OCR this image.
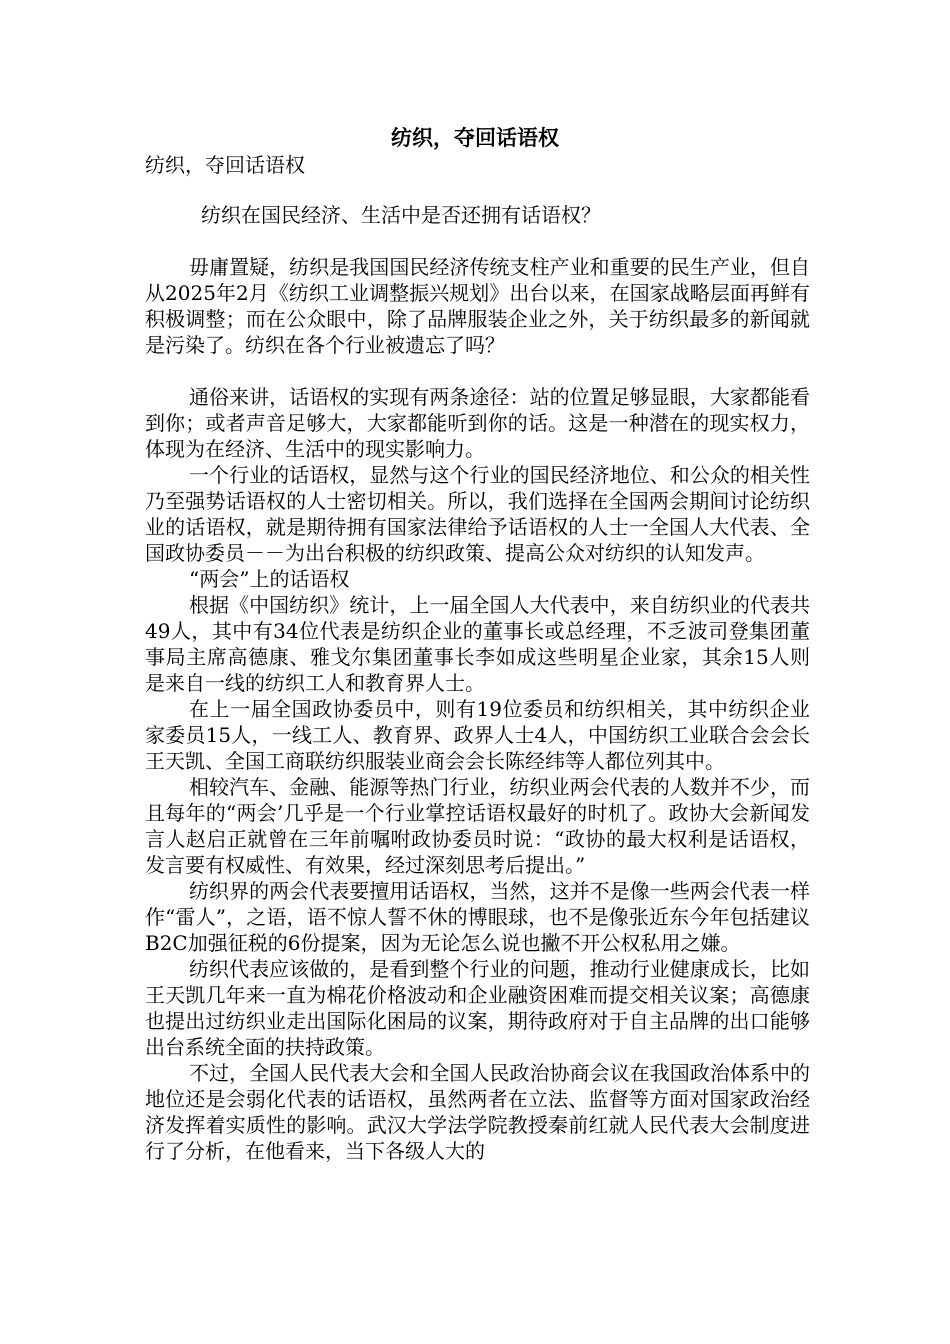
纺织，夺回话语权

纺织，夺回话语权

纺织在国民经济、生活中是否还拥有话语权？

毋庸置疑，纺织是我国国民经济传统支柱产业和重要的民生产业，但自从2025年2月《纺织工业调整振兴规划》出台以来，在国家战略层面再鲜有积极调整；而在公众眼中，除了品牌服装企业之外，关于纺织最多的新闻就是污染了。纺织在各个行业被遗忘了吗？

通俗来讲，话语权的实现有两条途径：站的位置足够显眼，大家都能看到你；或者声音足够大，大家都能听到你的话。这是一种潜在的现实权力，体现为在经济、生活中的现实影响力。

一个行业的话语权，显然与这个行业的国民经济地位、和公众的相关性乃至强势话语权的人士密切相关。所以，我们选择在全国两会期间讨论纺织业的话语权，就是期待拥有国家法律给予话语权的人士一全国人大代表、全国政协委员－－为出台积极的纺织政策、提高公众对纺织的认知发声。

“两会”上的话语权

根据《中国纺织》统计，上一届全国人大代表中，来自纺织业的代表共49人，其中有34位代表是纺织企业的董事长或总经理，不乏波司登集团董事局主席高德康、雅戈尔集团董事长李如成这些明星企业家，其余15人则是来自一线的纺织工人和教育界人士。

在上一届全国政协委员中，则有19位委员和纺织相关，其中纺织企业家委员15人，一线工人、教育界、政界人士4人，中国纺织工业联合会会长王天凯、全国工商联纺织服装业商会会长陈经纬等人都位列其中。

相较汽车、金融、能源等热门行业，纺织业两会代表的人数并不少，而且每年的“两会’几乎是一个行业掌控话语权最好的时机了。政协大会新闻发言人赵启正就曾在三年前嘱咐政协委员时说：“政协的最大权利是话语权，发言要有权威性、有效果，经过深刻思考后提出。”

纺织界的两会代表要擅用话语权，当然，这并不是像一些两会代表一样作“雷人”，之语，语不惊人誓不休的博眼球，也不是像张近东今年包括建议B2C加强征税的6份提案，因为无论怎么说也撇不开公权私用之嫌。

纺织代表应该做的，是看到整个行业的问题，推动行业健康成长，比如王天凯几年来一直为棉花价格波动和企业融资困难而提交相关议案；高德康也提出过纺织业走出国际化困局的议案，期待政府对于自主品牌的出口能够出台系统全面的扶持政策。

不过，全国人民代表大会和全国人民政治协商会议在我国政治体系中的地位还是会弱化代表的话语权，虽然两者在立法、监督等方面对国家政治经济发挥着实质性的影响。武汉大学法学院教授秦前红就人民代表大会制度进行了分析，在他看来，当下各级人大的
